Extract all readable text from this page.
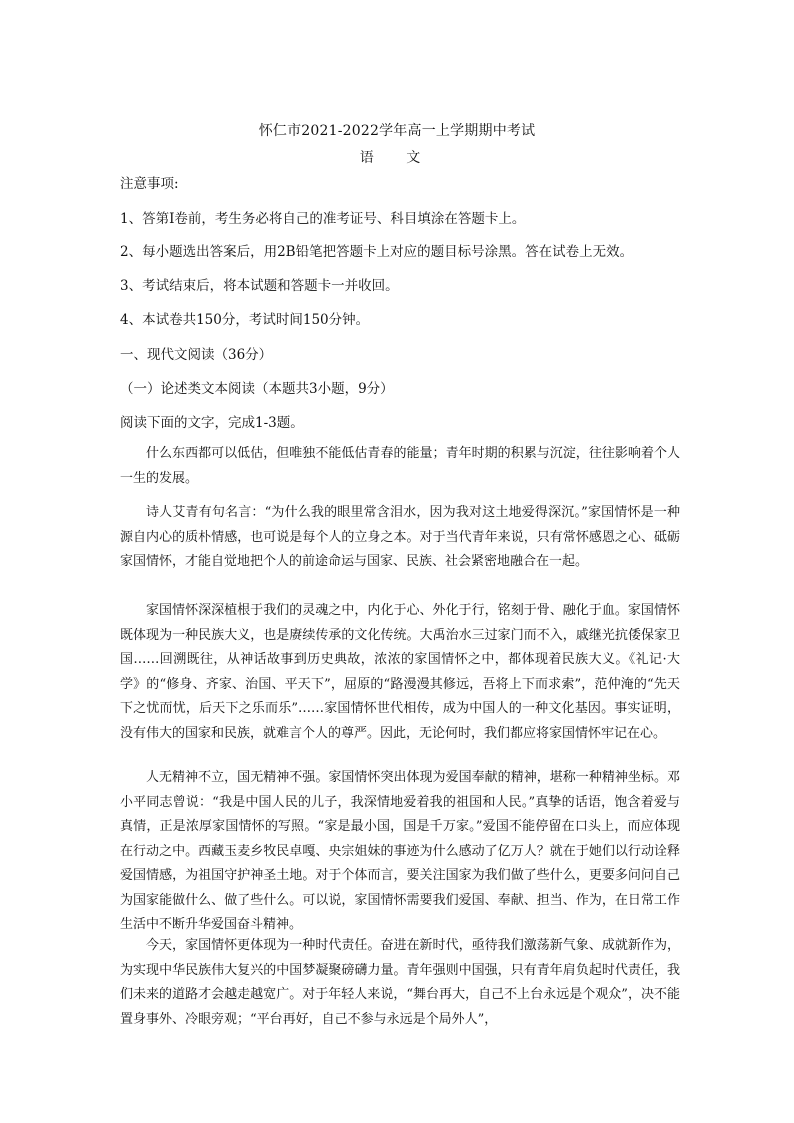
怀仁市2021-2022学年高一上学期期中考试
语 文
注意事项:
1、答第Ⅰ卷前，考生务必将自己的准考证号、科目填涂在答题卡上。
2、每小题选出答案后，用2B铅笔把答题卡上对应的题目标号涂黑。答在试卷上无效。
3、考试结束后，将本试题和答题卡一并收回。
4、本试卷共150分，考试时间150分钟。
一、现代文阅读（36分）
（一）论述类文本阅读（本题共3小题，9分）
阅读下面的文字，完成1-3题。
什么东西都可以低估，但唯独不能低估青春的能量；青年时期的积累与沉淀，往往影响着个人一生的发展。
诗人艾青有句名言：“为什么我的眼里常含泪水，因为我对这土地爱得深沉。”家国情怀是一种源自内心的质朴情感，也可说是每个人的立身之本。对于当代青年来说，只有常怀感恩之心、砥砺家国情怀，才能自觉地把个人的前途命运与国家、民族、社会紧密地融合在一起。
家国情怀深深植根于我们的灵魂之中，内化于心、外化于行，铭刻于骨、融化于血。家国情怀既体现为一种民族大义，也是赓续传承的文化传统。大禹治水三过家门而不入，戚继光抗倭保家卫国……回溯既往，从神话故事到历史典故，浓浓的家国情怀之中，都体现着民族大义。《礼记·大学》的“修身、齐家、治国、平天下”，屈原的“路漫漫其修远，吾将上下而求索”，范仲淹的“先天下之忧而忧，后天下之乐而乐”……家国情怀世代相传，成为中国人的一种文化基因。事实证明，没有伟大的国家和民族，就难言个人的尊严。因此，无论何时，我们都应将家国情怀牢记在心。
人无精神不立，国无精神不强。家国情怀突出体现为爱国奉献的精神，堪称一种精神坐标。邓小平同志曾说：“我是中国人民的儿子，我深情地爱着我的祖国和人民。”真挚的话语，饱含着爱与真情，正是浓厚家国情怀的写照。“家是最小国，国是千万家。”爱国不能停留在口头上，而应体现在行动之中。西藏玉麦乡牧民卓嘎、央宗姐妹的事迹为什么感动了亿万人？就在于她们以行动诠释爱国情感，为祖国守护神圣土地。对于个体而言，要关注国家为我们做了些什么，更要多问问自己为国家能做什么、做了些什么。可以说，家国情怀需要我们爱国、奉献、担当、作为，在日常工作生活中不断升华爱国奋斗精神。
今天，家国情怀更体现为一种时代责任。奋进在新时代，亟待我们激荡新气象、成就新作为，为实现中华民族伟大复兴的中国梦凝聚磅礴力量。青年强则中国强，只有青年肩负起时代责任，我们未来的道路才会越走越宽广。对于年轻人来说，“舞台再大，自己不上台永远是个观众”，决不能置身事外、冷眼旁观；“平台再好，自己不参与永远是个局外人”，
